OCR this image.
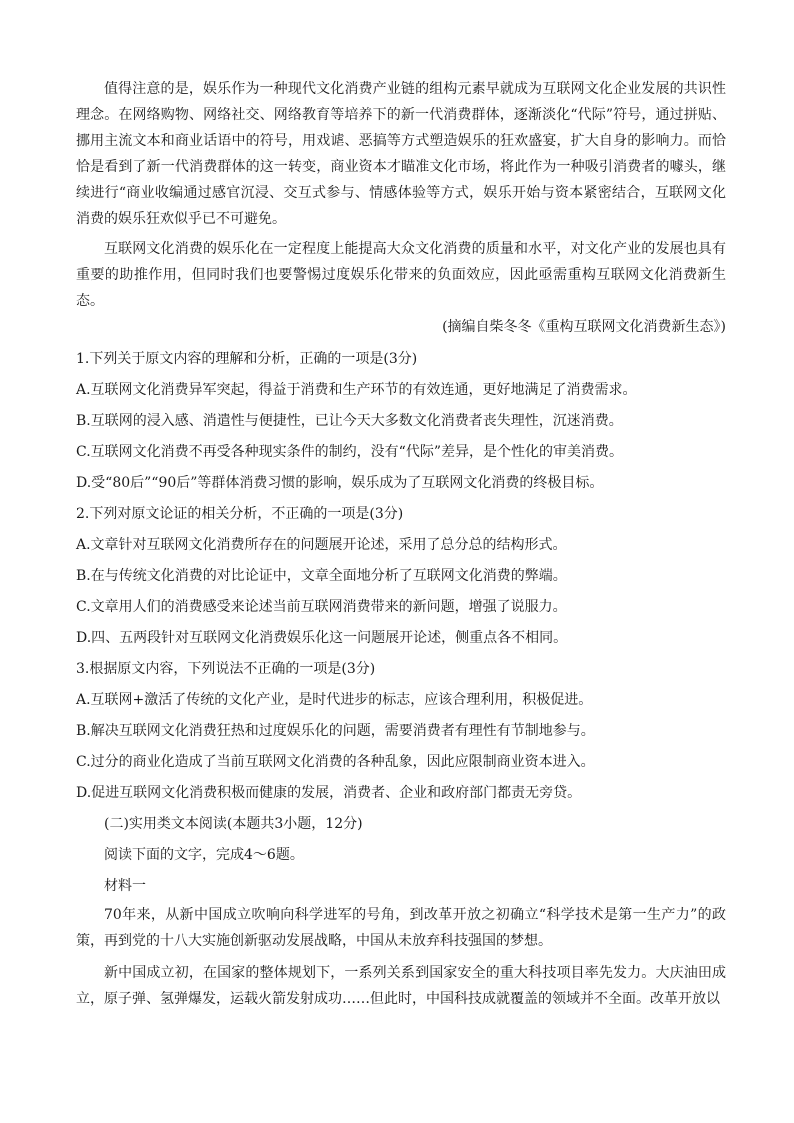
值得注意的是，娱乐作为一种现代文化消费产业链的组构元素早就成为互联网文化企业发展的共识性理念。在网络购物、网络社交、网络教育等培养下的新一代消费群体，逐渐淡化“代际”符号，通过拼贴、挪用主流文本和商业话语中的符号，用戏谑、恶搞等方式塑造娱乐的狂欢盛宴，扩大自身的影响力。而恰恰是看到了新一代消费群体的这一转变，商业资本才瞄准文化市场，将此作为一种吸引消费者的噱头，继续进行“商业收编通过感官沉浸、交互式参与、情感体验等方式，娱乐开始与资本紧密结合，互联网文化消费的娱乐狂欢似乎已不可避免。

互联网文化消费的娱乐化在一定程度上能提高大众文化消费的质量和水平，对文化产业的发展也具有重要的助推作用，但同时我们也要警惕过度娱乐化带来的负面效应，因此亟需重构互联网文化消费新生态。

(摘编自柴冬冬《重构互联网文化消费新生态》)

1.下列关于原文内容的理解和分析，正确的一项是(3分)

A.互联网文化消费异军突起，得益于消费和生产环节的有效连通，更好地满足了消费需求。

B.互联网的浸入感、消遣性与便捷性，已让今天大多数文化消费者丧失理性，沉迷消费。

C.互联网文化消费不再受各种现实条件的制约，没有“代际”差异，是个性化的审美消费。

D.受“80后”“90后”等群体消费习惯的影响，娱乐成为了互联网文化消费的终极目标。

2.下列对原文论证的相关分析，不正确的一项是(3分)

A.文章针对互联网文化消费所存在的问题展开论述，采用了总分总的结构形式。

B.在与传统文化消费的对比论证中，文章全面地分析了互联网文化消费的弊端。

C.文章用人们的消费感受来论述当前互联网消费带来的新问题，增强了说服力。

D.四、五两段针对互联网文化消费娱乐化这一问题展开论述，侧重点各不相同。

3.根据原文内容，下列说法不正确的一项是(3分)

A.互联网+激活了传统的文化产业，是时代进步的标志，应该合理利用，积极促进。

B.解决互联网文化消费狂热和过度娱乐化的问题，需要消费者有理性有节制地参与。

C.过分的商业化造成了当前互联网文化消费的各种乱象，因此应限制商业资本进入。

D.促进互联网文化消费积极而健康的发展，消费者、企业和政府部门都责无旁贷。

(二)实用类文本阅读(本题共3小题，12分)

阅读下面的文字，完成4～6题。

材料一

70年来，从新中国成立吹响向科学进军的号角，到改革开放之初确立“科学技术是第一生产力”的政策，再到党的十八大实施创新驱动发展战略，中国从未放弃科技强国的梦想。

新中国成立初，在国家的整体规划下，一系列关系到国家安全的重大科技项目率先发力。大庆油田成立，原子弹、氢弹爆发，运载火箭发射成功……但此时，中国科技成就覆盖的领域并不全面。改革开放以
